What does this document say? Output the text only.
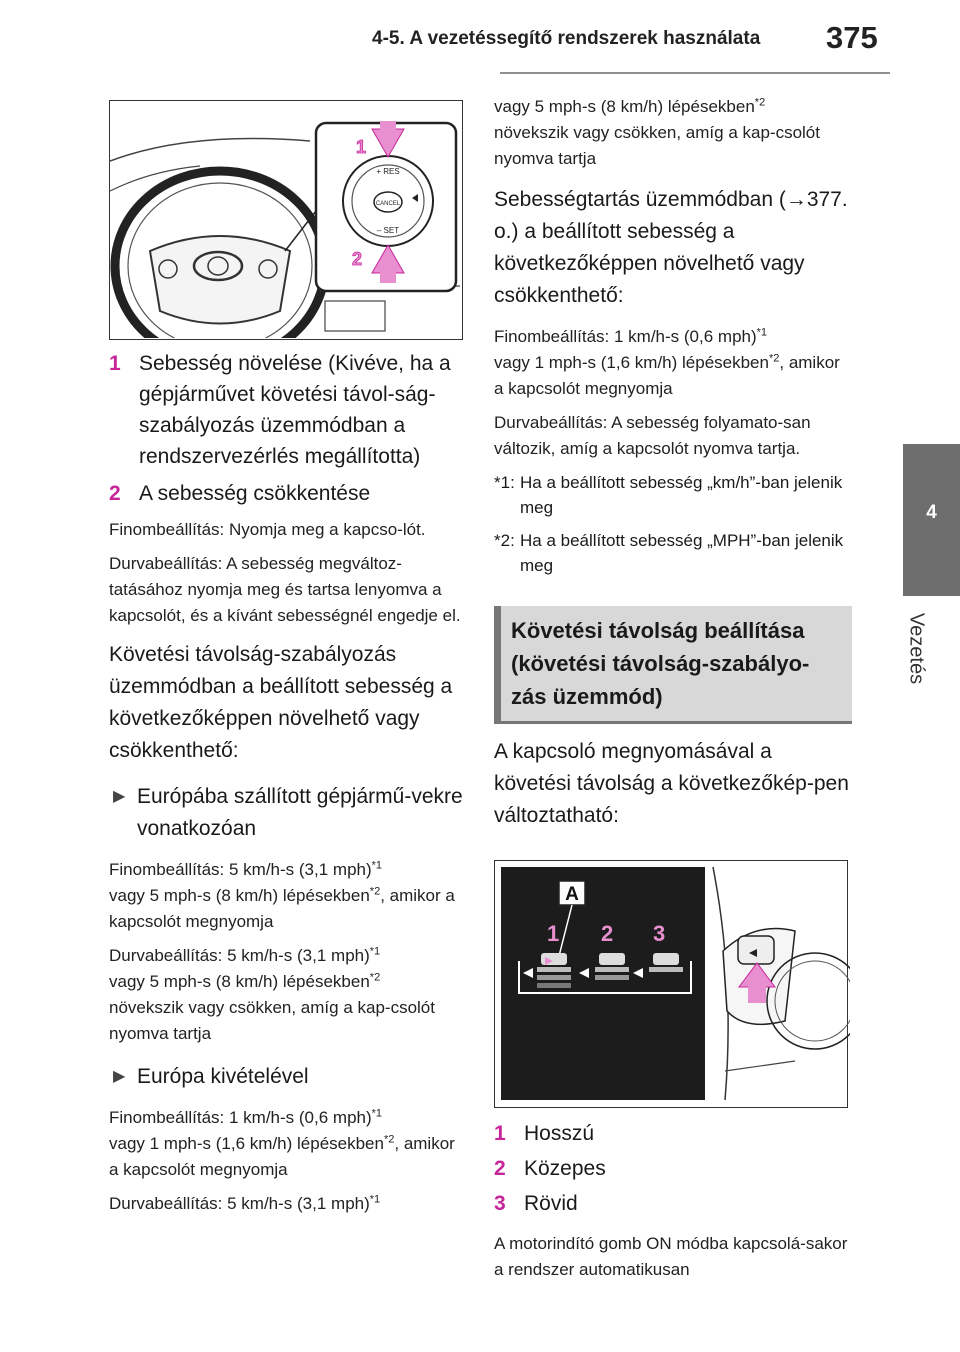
4-5. A vezetéssegítő rendszerek használata	375
4
Vezetés
+ RES
CANCEL
– SET
1
2
1 Sebesség növelése (Kivéve, ha a gépjárművet követési távol-ság-szabályozás üzemmódban a rendszervezérlés megállította)
2 A sebesség csökkentése
Finombeállítás: Nyomja meg a kapcso-lót.
Durvabeállítás: A sebesség megváltoz-tatásához nyomja meg és tartsa lenyomva a kapcsolót, és a kívánt sebességnél engedje el.
Követési távolság-szabályozás üzemmódban a beállított sebesség a következőképpen növelhető vagy csökkenthető:
▶ Európába szállított gépjármű-vekre vonatkozóan
Finombeállítás: 5 km/h-s (3,1 mph)$^{*1}$
vagy 5 mph-s (8 km/h) lépésekben$^{*2}$, amikor a kapcsolót megnyomja
Durvabeállítás: 5 km/h-s (3,1 mph)$^{*1}$
vagy 5 mph-s (8 km/h) lépésekben$^{*2}$
növekszik vagy csökken, amíg a kap-csolót nyomva tartja
▶ Európa kivételével
Finombeállítás: 1 km/h-s (0,6 mph)$^{*1}$
vagy 1 mph-s (1,6 km/h) lépésekben$^{*2}$, amikor a kapcsolót megnyomja
Durvabeállítás: 5 km/h-s (3,1 mph)$^{*1}$
vagy 5 mph-s (8 km/h) lépésekben$^{*2}$
növekszik vagy csökken, amíg a kap-csolót nyomva tartja
Sebességtartás üzemmódban (→377. o.) a beállított sebesség a következőképpen növelhető vagy csökkenthető:
Finombeállítás: 1 km/h-s (0,6 mph)$^{*1}$
vagy 1 mph-s (1,6 km/h) lépésekben$^{*2}$, amikor a kapcsolót megnyomja
Durvabeállítás: A sebesség folyamato-san változik, amíg a kapcsolót nyomva tartja.
*1: Ha a beállított sebesség „km/h”-ban jelenik meg
*2: Ha a beállított sebesség „MPH”-ban jelenik meg
Követési távolság beállítása (követési távolság-szabályo-zás üzemmód)
A kapcsoló megnyomásával a követési távolság a következőkép-pen változtatható:
A
1 2 3
1 Hosszú
2 Közepes
3 Rövid
A motorindító gomb ON módba kapcsolá-sakor a rendszer automatikusan
